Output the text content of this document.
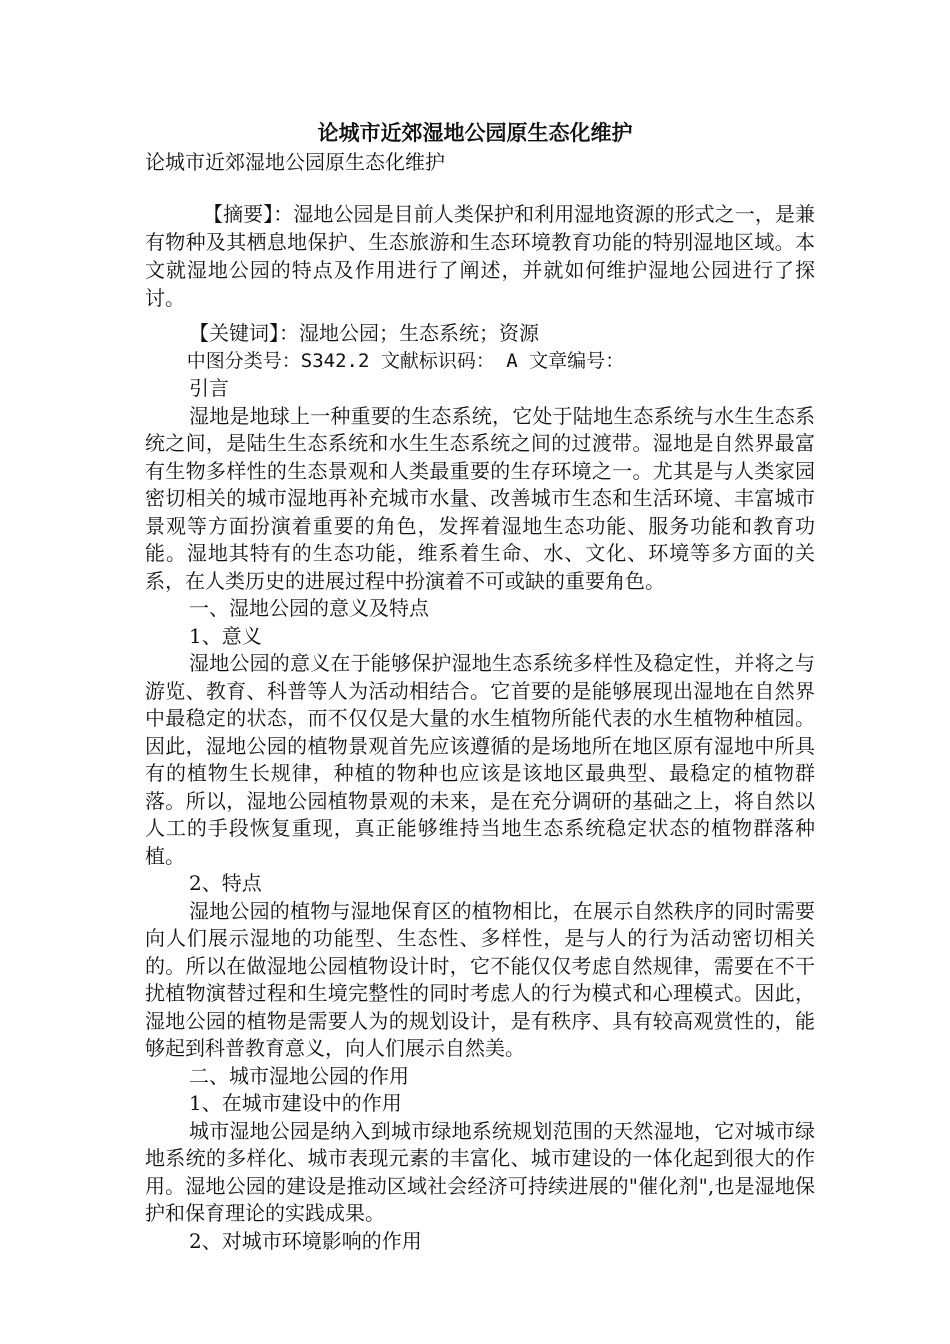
论城市近郊湿地公园原生态化维护
论城市近郊湿地公园原生态化维护
【摘要】：湿地公园是目前人类保护和利用湿地资源的形式之一，是兼有物种及其栖息地保护、生态旅游和生态环境教育功能的特别湿地区域。本文就湿地公园的特点及作用进行了阐述，并就如何维护湿地公园进行了探讨。

【关键词】：湿地公园；生态系统；资源

中图分类号：S342.2 文献标识码： A 文章编号：

引言

湿地是地球上一种重要的生态系统，它处于陆地生态系统与水生生态系统之间，是陆生生态系统和水生生态系统之间的过渡带。湿地是自然界最富有生物多样性的生态景观和人类最重要的生存环境之一。尤其是与人类家园密切相关的城市湿地再补充城市水量、改善城市生态和生活环境、丰富城市景观等方面扮演着重要的角色，发挥着湿地生态功能、服务功能和教育功能。湿地其特有的生态功能，维系着生命、水、文化、环境等多方面的关系，在人类历史的进展过程中扮演着不可或缺的重要角色。

一、湿地公园的意义及特点

1、意义

湿地公园的意义在于能够保护湿地生态系统多样性及稳定性，并将之与游览、教育、科普等人为活动相结合。它首要的是能够展现出湿地在自然界中最稳定的状态，而不仅仅是大量的水生植物所能代表的水生植物种植园。因此，湿地公园的植物景观首先应该遵循的是场地所在地区原有湿地中所具有的植物生长规律，种植的物种也应该是该地区最典型、最稳定的植物群落。所以，湿地公园植物景观的未来，是在充分调研的基础之上，将自然以人工的手段恢复重现，真正能够维持当地生态系统稳定状态的植物群落种植。

2、特点

湿地公园的植物与湿地保育区的植物相比，在展示自然秩序的同时需要向人们展示湿地的功能型、生态性、多样性，是与人的行为活动密切相关的。所以在做湿地公园植物设计时，它不能仅仅考虑自然规律，需要在不干扰植物演替过程和生境完整性的同时考虑人的行为模式和心理模式。因此，湿地公园的植物是需要人为的规划设计，是有秩序、具有较高观赏性的，能够起到科普教育意义，向人们展示自然美。

二、城市湿地公园的作用

1、在城市建设中的作用

城市湿地公园是纳入到城市绿地系统规划范围的天然湿地，它对城市绿地系统的多样化、城市表现元素的丰富化、城市建设的一体化起到很大的作用。湿地公园的建设是推动区域社会经济可持续进展的"催化剂",也是湿地保护和保育理论的实践成果。

2、对城市环境影响的作用
